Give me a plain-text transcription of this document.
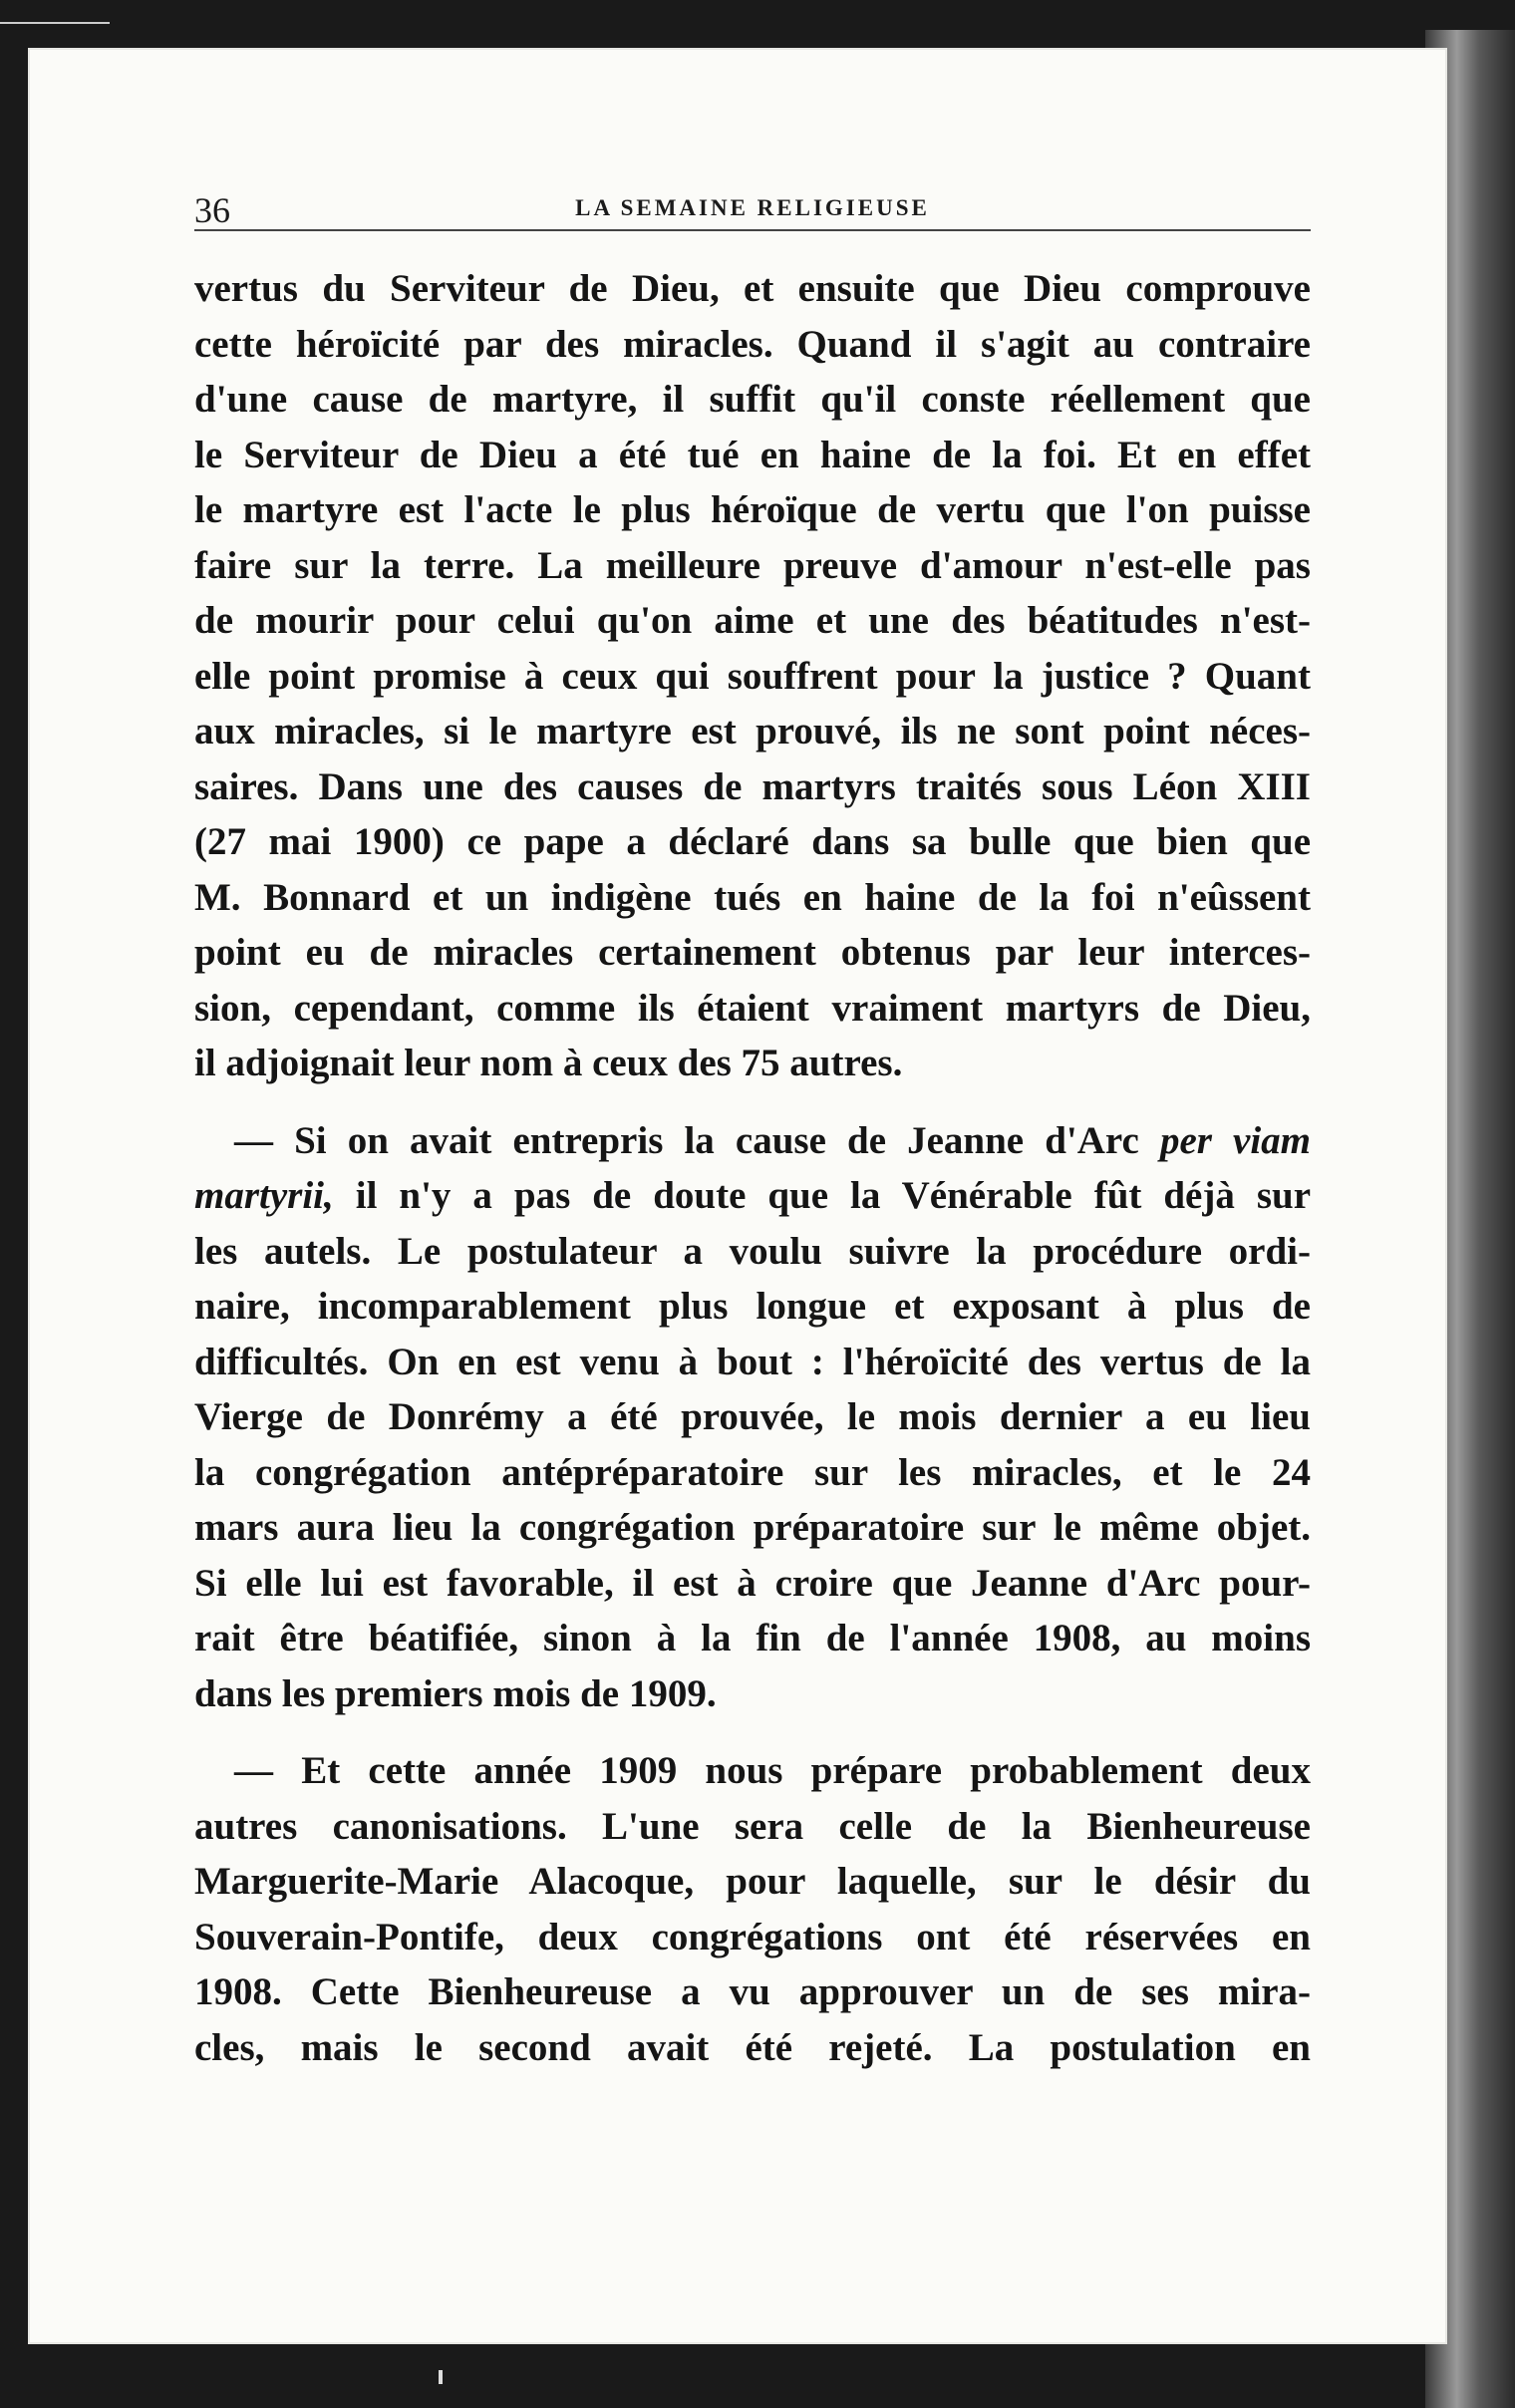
36	LA SEMAINE RELIGIEUSE
vertus du Serviteur de Dieu, et ensuite que Dieu comprouve
cette héroïcité par des miracles. Quand il s'agit au contraire
d'une cause de martyre, il suffit qu'il conste réellement que
le Serviteur de Dieu a été tué en haine de la foi. Et en effet
le martyre est l'acte le plus héroïque de vertu que l'on puisse
faire sur la terre. La meilleure preuve d'amour n'est-elle pas
de mourir pour celui qu'on aime et une des béatitudes n'est-
elle point promise à ceux qui souffrent pour la justice ? Quant
aux miracles, si le martyre est prouvé, ils ne sont point néces-
saires. Dans une des causes de martyrs traités sous Léon XIII
(27 mai 1900) ce pape a déclaré dans sa bulle que bien que
M. Bonnard et un indigène tués en haine de la foi n'eûssent
point eu de miracles certainement obtenus par leur interces-
sion, cependant, comme ils étaient vraiment martyrs de Dieu,
il adjoignait leur nom à ceux des 75 autres.
— Si on avait entrepris la cause de Jeanne d'Arc per viam
martyrii, il n'y a pas de doute que la Vénérable fût déjà sur
les autels. Le postulateur a voulu suivre la procédure ordi-
naire, incomparablement plus longue et exposant à plus de
difficultés. On en est venu à bout : l'héroïcité des vertus de la
Vierge de Donrémy a été prouvée, le mois dernier a eu lieu
la congrégation antépréparatoire sur les miracles, et le 24
mars aura lieu la congrégation préparatoire sur le même objet.
Si elle lui est favorable, il est à croire que Jeanne d'Arc pour-
rait être béatifiée, sinon à la fin de l'année 1908, au moins
dans les premiers mois de 1909.
— Et cette année 1909 nous prépare probablement deux
autres canonisations. L'une sera celle de la Bienheureuse
Marguerite-Marie Alacoque, pour laquelle, sur le désir du
Souverain-Pontife, deux congrégations ont été réservées en
1908. Cette Bienheureuse a vu approuver un de ses mira-
cles, mais le second avait été rejeté. La postulation en
